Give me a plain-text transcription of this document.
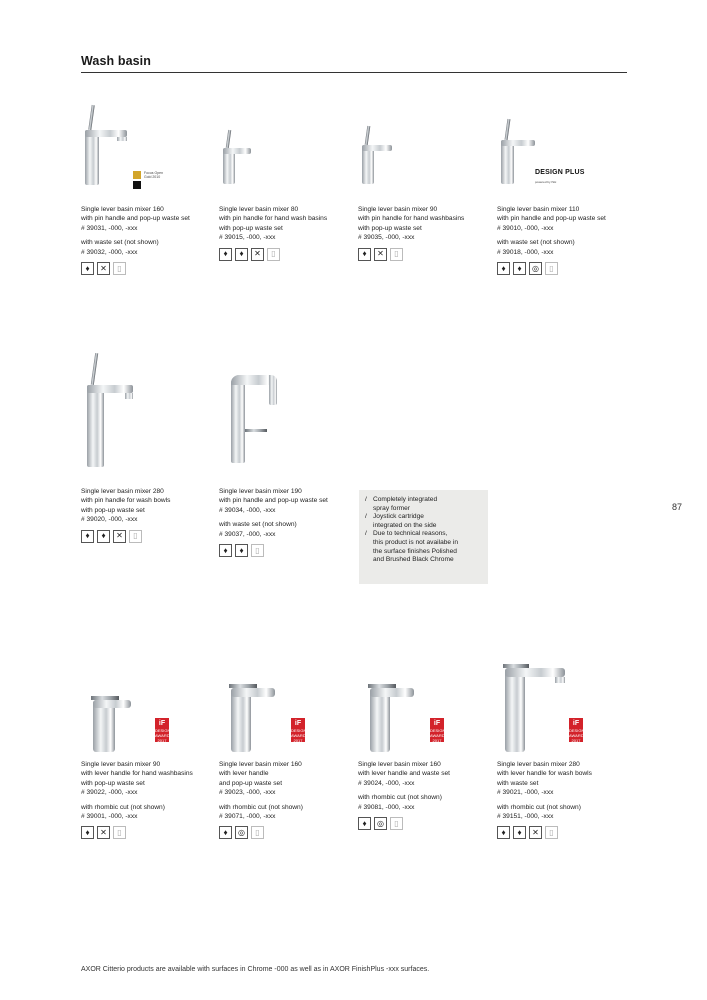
Wash basin
Focus Open
Gold 2010
Single lever basin mixer 160
with pin handle and pop-up waste set
# 39031, -000, -xxx
with waste set (not shown)
# 39032, -000, -xxx
♦	✕	▯
Single lever basin mixer 80
with pin handle for hand wash basins
with pop-up waste set
# 39015, -000, -xxx
♦	♦	✕	▯
Single lever basin mixer 90
with pin handle for hand washbasins
with pop-up waste set
# 39035, -000, -xxx
♦	✕	▯
DESIGN PLUS
powered by ISH
Single lever basin mixer 110
with pin handle and pop-up waste set
# 39010, -000, -xxx
with waste set (not shown)
# 39018, -000, -xxx
♦	♦	◎	▯
Single lever basin mixer 280
with pin handle for wash bowls
with pop-up waste set
# 39020, -000, -xxx
♦	♦	✕	▯
Single lever basin mixer 190
with pin handle and pop-up waste set
# 39034, -000, -xxx
with waste set (not shown)
# 39037, -000, -xxx
♦	♦	▯
/ Completely integrated
spray former
/ Joystick cartridge
integrated on the side
/ Due to technical reasons,
this product is not availabe in
the surface finishes Polished
and Brushed Black Chrome
87
iF
DESIGN AWARD 2017
Single lever basin mixer 90
with lever handle for hand washbasins
with pop-up waste set
# 39022, -000, -xxx
with rhombic cut (not shown)
# 39001, -000, -xxx
♦	✕	▯
iF
DESIGN AWARD 2017
Single lever basin mixer 160
with lever handle
and pop-up waste set
# 39023, -000, -xxx
with rhombic cut (not shown)
# 39071, -000, -xxx
♦	◎	▯
iF
DESIGN AWARD 2017
Single lever basin mixer 160
with lever handle and waste set
# 39024, -000, -xxx
with rhombic cut (not shown)
# 39081, -000, -xxx
♦	◎	▯
iF
DESIGN AWARD 2017
Single lever basin mixer 280
with lever handle for wash bowls
with waste set
# 39021, -000, -xxx
with rhombic cut (not shown)
# 39151, -000, -xxx
♦	♦	✕	▯
AXOR Citterio products are available with surfaces in Chrome -000 as well as in AXOR FinishPlus -xxx surfaces.
